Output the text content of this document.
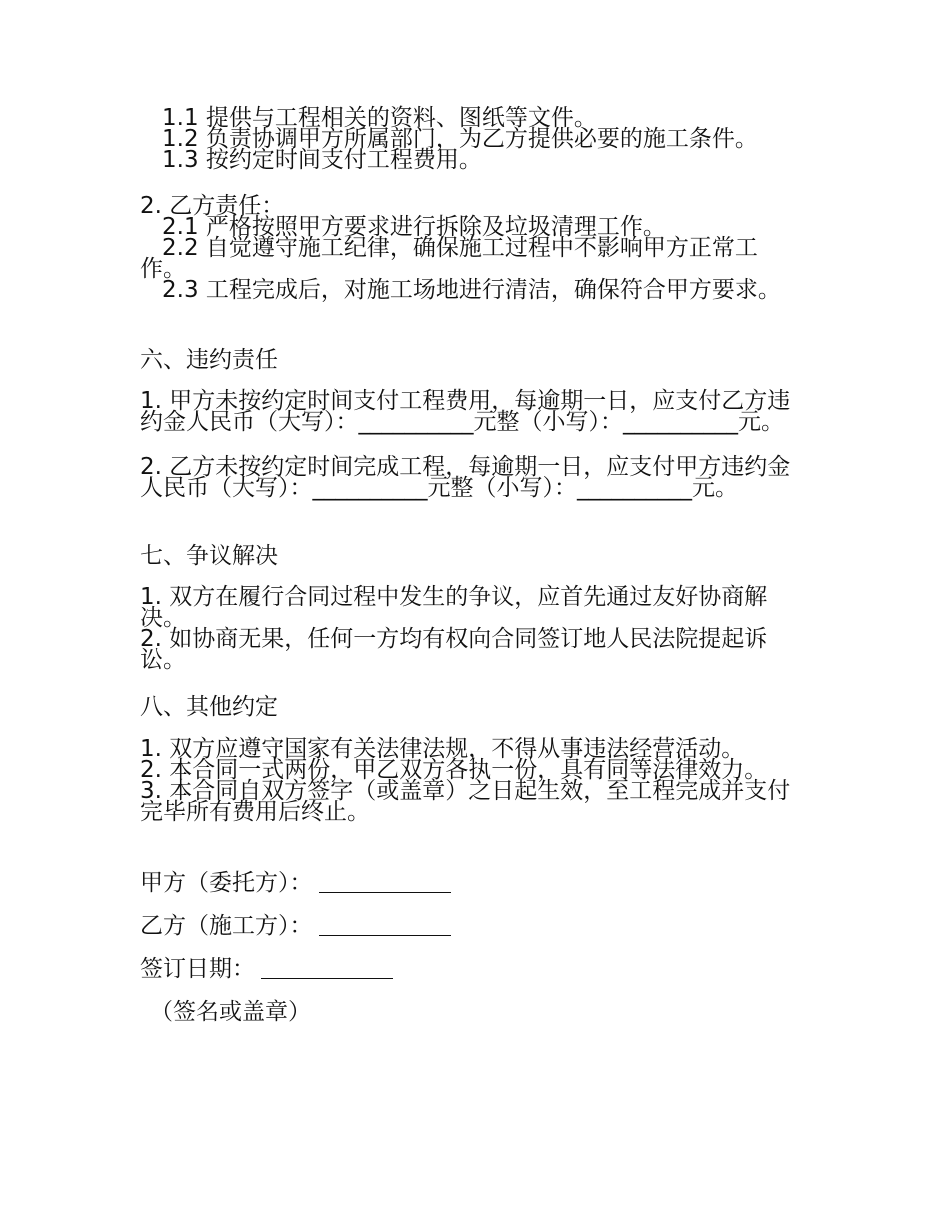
1.1 提供与工程相关的资料、图纸等文件。

1.2 负责协调甲方所属部门，为乙方提供必要的施工条件。

1.3 按约定时间支付工程费用。

2. 乙方责任：

2.1 严格按照甲方要求进行拆除及垃圾清理工作。

2.2 自觉遵守施工纪律，确保施工过程中不影响甲方正常工作。

2.3 工程完成后，对施工场地进行清洁，确保符合甲方要求。

六、违约责任

1. 甲方未按约定时间支付工程费用，每逾期一日，应支付乙方违约金人民币（大写）：__________元整（小写）：__________元。

2. 乙方未按约定时间完成工程，每逾期一日，应支付甲方违约金人民币（大写）：__________元整（小写）：__________元。

七、争议解决

1. 双方在履行合同过程中发生的争议，应首先通过友好协商解决。

2. 如协商无果，任何一方均有权向合同签订地人民法院提起诉讼。

八、其他约定

1. 双方应遵守国家有关法律法规，不得从事违法经营活动。

2. 本合同一式两份，甲乙双方各执一份，具有同等法律效力。

3. 本合同自双方签字（或盖章）之日起生效，至工程完成并支付完毕所有费用后终止。

甲方（委托方）：
乙方（施工方）：
签订日期：
（签名或盖章）
